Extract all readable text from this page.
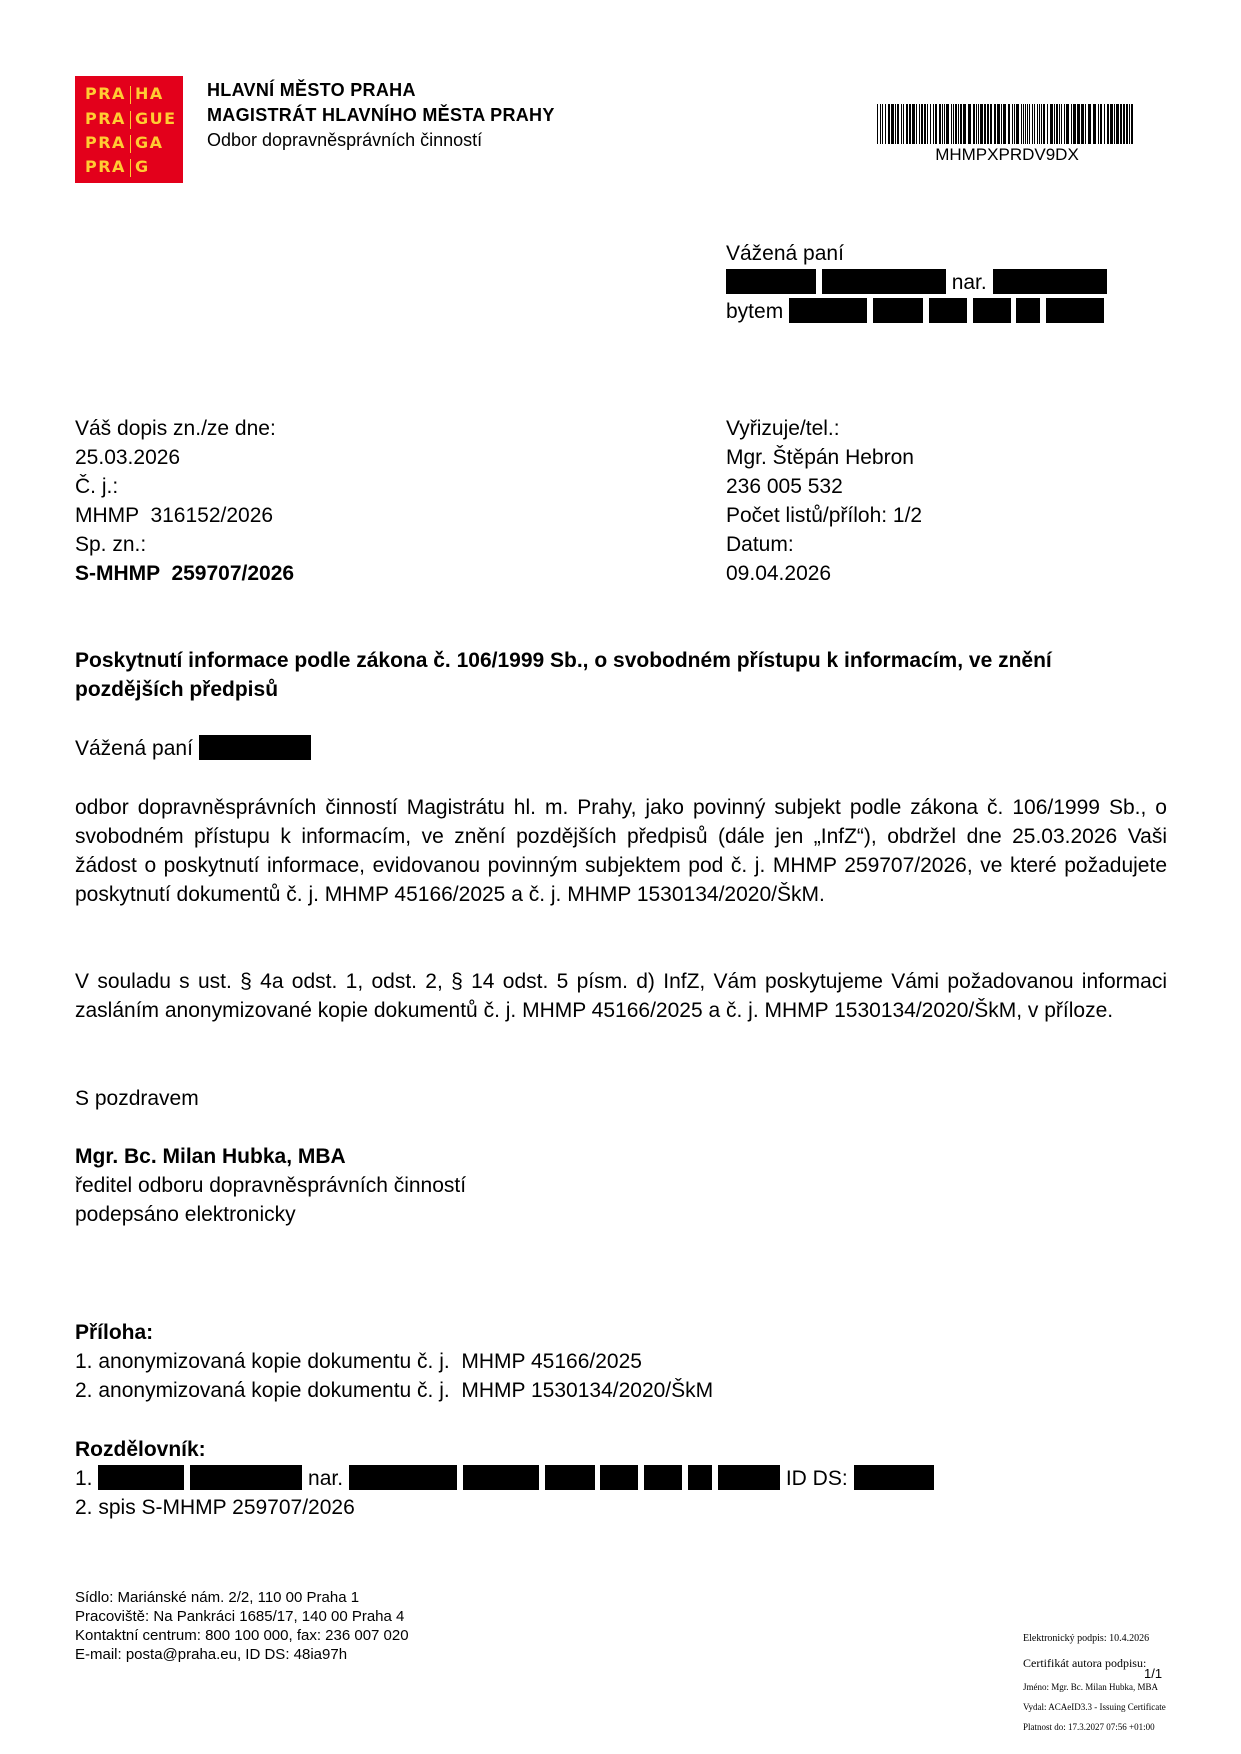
PRA HA
PRA GUE
PRA GA
PRA G
HLAVNÍ MĚSTO PRAHA
MAGISTRÁT HLAVNÍHO MĚSTA PRAHY
Odbor dopravněsprávních činností
MHMPXPRDV9DX
Vážená paní
nar.
bytem
Váš dopis zn./ze dne:
25.03.2026
Č. j.:
MHMP  316152/2026
Sp. zn.:
S-MHMP  259707/2026
Vyřizuje/tel.:
Mgr. Štěpán Hebron
236 005 532
Počet listů/příloh: 1/2
Datum:
09.04.2026
Poskytnutí informace podle zákona č. 106/1999 Sb., o svobodném přístupu k informacím, ve znění
pozdějších předpisů
Vážená paní
odbor dopravněsprávních činností Magistrátu hl. m. Prahy, jako povinný subjekt podle zákona č. 106/1999 Sb., o svobodném přístupu k informacím, ve znění pozdějších předpisů (dále jen „InfZ“), obdržel dne 25.03.2026 Vaši žádost o poskytnutí informace, evidovanou povinným subjektem pod č. j. MHMP 259707/2026, ve které požadujete poskytnutí dokumentů č. j. MHMP 45166/2025 a č. j. MHMP 1530134/2020/ŠkM.
V souladu s ust. § 4a odst. 1, odst. 2, § 14 odst. 5 písm. d) InfZ, Vám poskytujeme Vámi požadovanou informaci zasláním anonymizované kopie dokumentů č. j. MHMP 45166/2025 a č. j. MHMP 1530134/2020/ŠkM, v příloze.
S pozdravem
Mgr. Bc. Milan Hubka, MBA
ředitel odboru dopravněsprávních činností
podepsáno elektronicky
Příloha:
1. anonymizovaná kopie dokumentu č. j.  MHMP 45166/2025
2. anonymizovaná kopie dokumentu č. j.  MHMP 1530134/2020/ŠkM
Rozdělovník:
1.	nar.	ID DS:
2. spis S-MHMP 259707/2026
Sídlo: Mariánské nám. 2/2, 110 00 Praha 1
Pracoviště: Na Pankráci 1685/17, 140 00 Praha 4
Kontaktní centrum: 800 100 000, fax: 236 007 020
E-mail: posta@praha.eu, ID DS: 48ia97h
Elektronický podpis: 10.4.2026
Certifikát autora podpisu:
1/1
Jméno: Mgr. Bc. Milan Hubka, MBA
Vydal: ACAeID3.3 - Issuing Certificate
Platnost do: 17.3.2027 07:56 +01:00
